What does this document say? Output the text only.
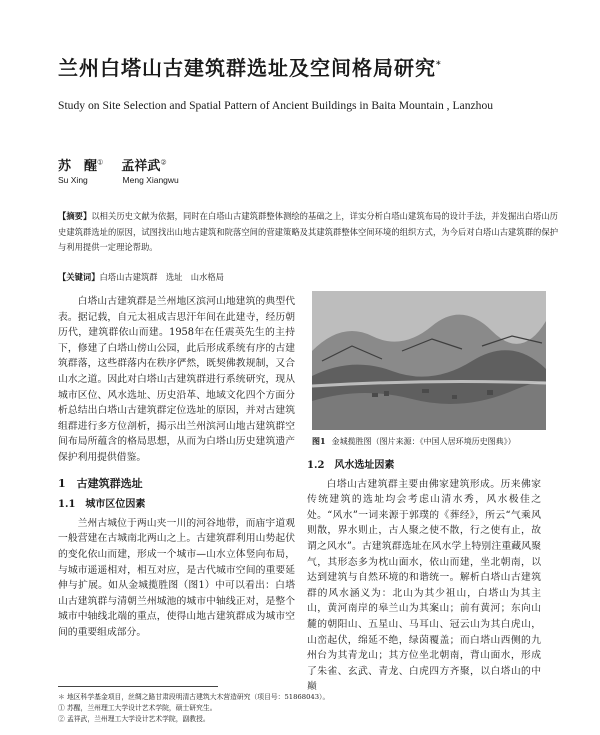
兰州白塔山古建筑群选址及空间格局研究*
Study on Site Selection and Spatial Pattern of Ancient Buildings in Baita Mountain , Lanzhou
苏　醒① 孟祥武②
Su Xing	Meng Xiangwu
【摘要】以相关历史文献为依据，同时在白塔山古建筑群整体测绘的基础之上，详实分析白塔山建筑布局的设计手法，并发掘出白塔山历史建筑群选址的原因，试图找出山地古建筑和院落空间的营建策略及其建筑群整体空间环境的组织方式，为今后对白塔山古建筑群的保护与利用提供一定理论帮助。
【关键词】白塔山古建筑群　选址　山水格局

白塔山古建筑群是兰州地区滨河山地建筑的典型代表。据记载，自元太祖成吉思汗年间在此建寺，经历朝历代，建筑群依山而建。1958年在任震英先生的主持下，修建了白塔山傍山公园，此后形成系统有序的古建筑群落，这些群落内在秩序俨然，既契佛教规制，又合山水之道。因此对白塔山古建筑群进行系统研究，现从城市区位、风水选址、历史沿革、地域文化四个方面分析总结出白塔山古建筑群定位选址的原因，并对古建筑组群进行多方位剖析，揭示出兰州滨河山地古建筑群空间布局所蕴含的格局思想，从而为白塔山历史建筑遗产保护利用提供借鉴。

1　古建筑群选址
1.1　城市区位因素

兰州古城位于两山夹一川的河谷地带，而庙宇道观一般营建在古城南北两山之上。古建筑群利用山势起伏的变化依山而建，形成一个城市—山水立体竖向布局，与城市遥遥相对，相互对应，是古代城市空间的重要延伸与扩展。如从金城揽胜图（图1）中可以看出：白塔山古建筑群与清朝兰州城池的城市中轴线正对，是整个城市中轴线北端的重点，使得山地古建筑群成为城市空间的重要组成部分。

图1 金城揽胜图（图片来源：《中国人居环境历史图典》）
1.2　风水选址因素

白塔山古建筑群主要由佛家建筑形成。历来佛家传统建筑的选址均会考虑山清水秀，风水极佳之处。“风水”一词来源于郭璞的《葬经》，所云“气乘风则散，界水则止，古人聚之使不散，行之使有止，故谓之风水”。古建筑群选址在风水学上特别注重藏风聚气，其形态多为枕山面水，依山而建，坐北朝南，以达到建筑与自然环境的和谐统一。解析白塔山古建筑群的风水涵义为：北山为其少祖山，白塔山为其主山，黄河南岸的皋兰山为其案山；前有黄河；东向山麓的朝阳山、五星山、马耳山、冠云山为其白虎山，山峦起伏，绵延不绝，绿茵覆盖；而白塔山西侧的九州台为其青龙山；其方位坐北朝南，背山面水，形成了朱雀、玄武、青龙、白虎四方齐聚，以白塔山的中巅

＊ 地区科学基金项目，丝绸之路甘肃段明清古建筑大木营造研究（项目号：51868043）。
① 苏醒，兰州理工大学设计艺术学院，硕士研究生。
② 孟祥武，兰州理工大学设计艺术学院，副教授。
